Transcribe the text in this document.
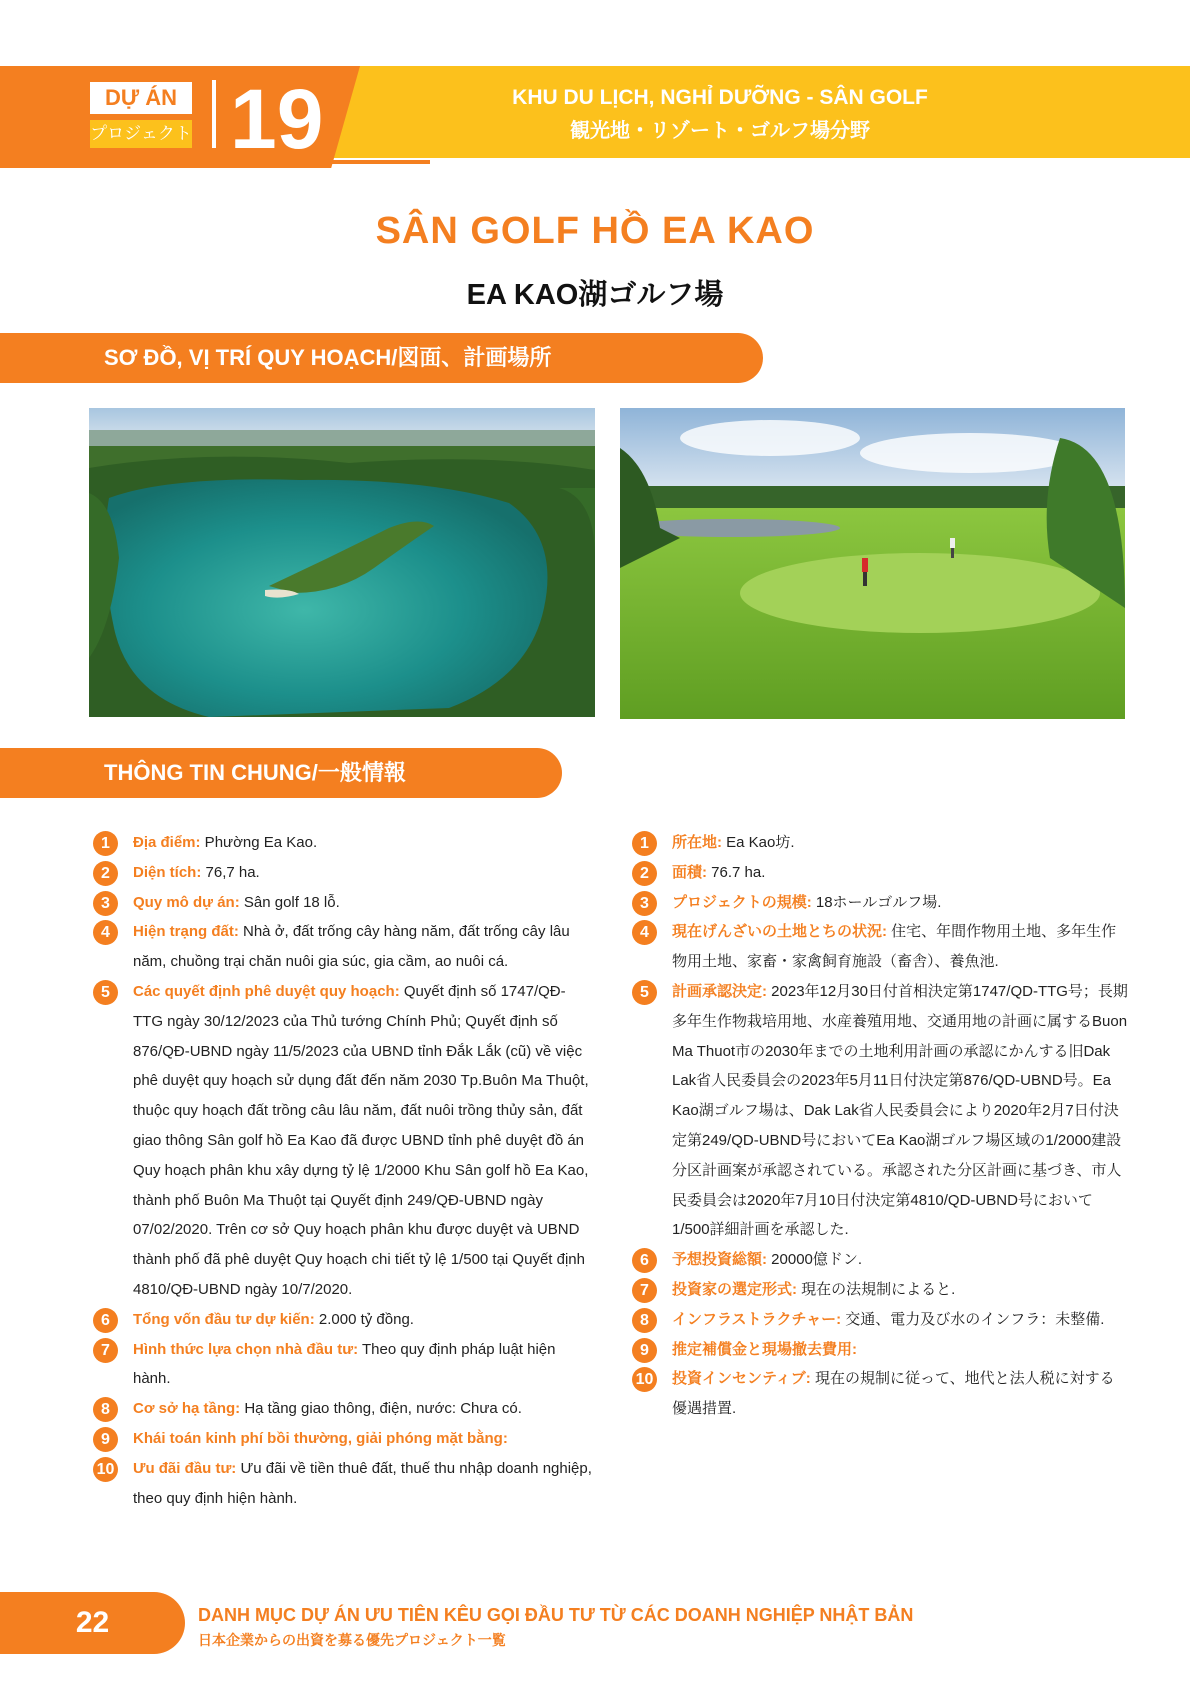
DỰ ÁN
プロジェクト 19	KHU DU LỊCH, NGHỈ DƯỠNG - SÂN GOLF
観光地・リゾート・ゴルフ場分野
SÂN GOLF HỒ EA KAO
EA KAO湖ゴルフ場
SƠ ĐỒ, VỊ TRÍ QUY HOẠCH/図面、計画場所
THÔNG TIN CHUNG/一般情報
1	Địa điểm: Phường Ea Kao.
2	Diện tích: 76,7 ha.
3	Quy mô dự án: Sân golf 18 lỗ.
4	Hiện trạng đất: Nhà ở, đất trống cây hàng năm, đất trống cây lâu năm, chuồng trại chăn nuôi gia súc, gia cầm, ao nuôi cá.
5	Các quyết định phê duyệt quy hoạch: Quyết định số 1747/QĐ-TTG ngày 30/12/2023 của Thủ tướng Chính Phủ; Quyết định số 876/QĐ-UBND ngày 11/5/2023 của UBND tỉnh Đắk Lắk (cũ) về việc phê duyệt quy hoạch sử dụng đất đến năm 2030 Tp.Buôn Ma Thuột, thuộc quy hoạch đất trồng câu lâu năm, đất nuôi trồng thủy sản, đất giao thông Sân golf hồ Ea Kao đã được UBND tỉnh phê duyệt đồ án Quy hoạch phân khu xây dựng tỷ lệ 1/2000 Khu Sân golf hồ Ea Kao, thành phố Buôn Ma Thuột tại Quyết định 249/QĐ-UBND ngày 07/02/2020. Trên cơ sở Quy hoạch phân khu được duyệt và UBND thành phố đã phê duyệt Quy hoạch chi tiết tỷ lệ 1/500 tại Quyết định 4810/QĐ-UBND ngày 10/7/2020.
6	Tổng vốn đầu tư dự kiến: 2.000 tỷ đồng.
7	Hình thức lựa chọn nhà đầu tư: Theo quy định pháp luật hiện hành.
8	Cơ sở hạ tầng: Hạ tầng giao thông, điện, nước: Chưa có.
9	Khái toán kinh phí bồi thường, giải phóng mặt bằng:
10 Ưu đãi đầu tư: Ưu đãi về tiền thuê đất, thuế thu nhập doanh nghiệp, theo quy định hiện hành.
1	所在地: Ea Kao坊.
2	面積: 76.7 ha.
3	プロジェクトの規模: 18ホールゴルフ場.
4	現在げんざいの土地とちの状況: 住宅、年間作物用土地、多年生作物用土地、家畜・家禽飼育施設（畜舎）、養魚池.
5	計画承認決定: 2023年12月30日付首相決定第1747/QD-TTG号；長期多年生作物栽培用地、水産養殖用地、交通用地の計画に属するBuon Ma Thuot市の2030年までの土地利用計画の承認にかんする旧Dak Lak省人民委員会の2023年5月11日付決定第876/QD-UBND号。Ea Kao湖ゴルフ場は、Dak Lak省人民委員会により2020年2月7日付決定第249/QD-UBND号においてEa Kao湖ゴルフ場区域の1/2000建設分区計画案が承認されている。承認された分区計画に基づき、市人民委員会は2020年7月10日付決定第4810/QD-UBND号において1/500詳細計画を承認した.
6	予想投資総額: 20000億ドン.
7	投資家の選定形式: 現在の法規制によると.
8	インフラストラクチャー: 交通、電力及び水のインフラ：未整備.
9	推定補償金と現場撤去費用:
10 投資インセンティブ: 現在の規制に従って、地代と法人税に対する優遇措置.
22	DANH MỤC DỰ ÁN ƯU TIÊN KÊU GỌI ĐẦU TƯ TỪ CÁC DOANH NGHIỆP NHẬT BẢN
日本企業からの出資を募る優先プロジェクト一覧
